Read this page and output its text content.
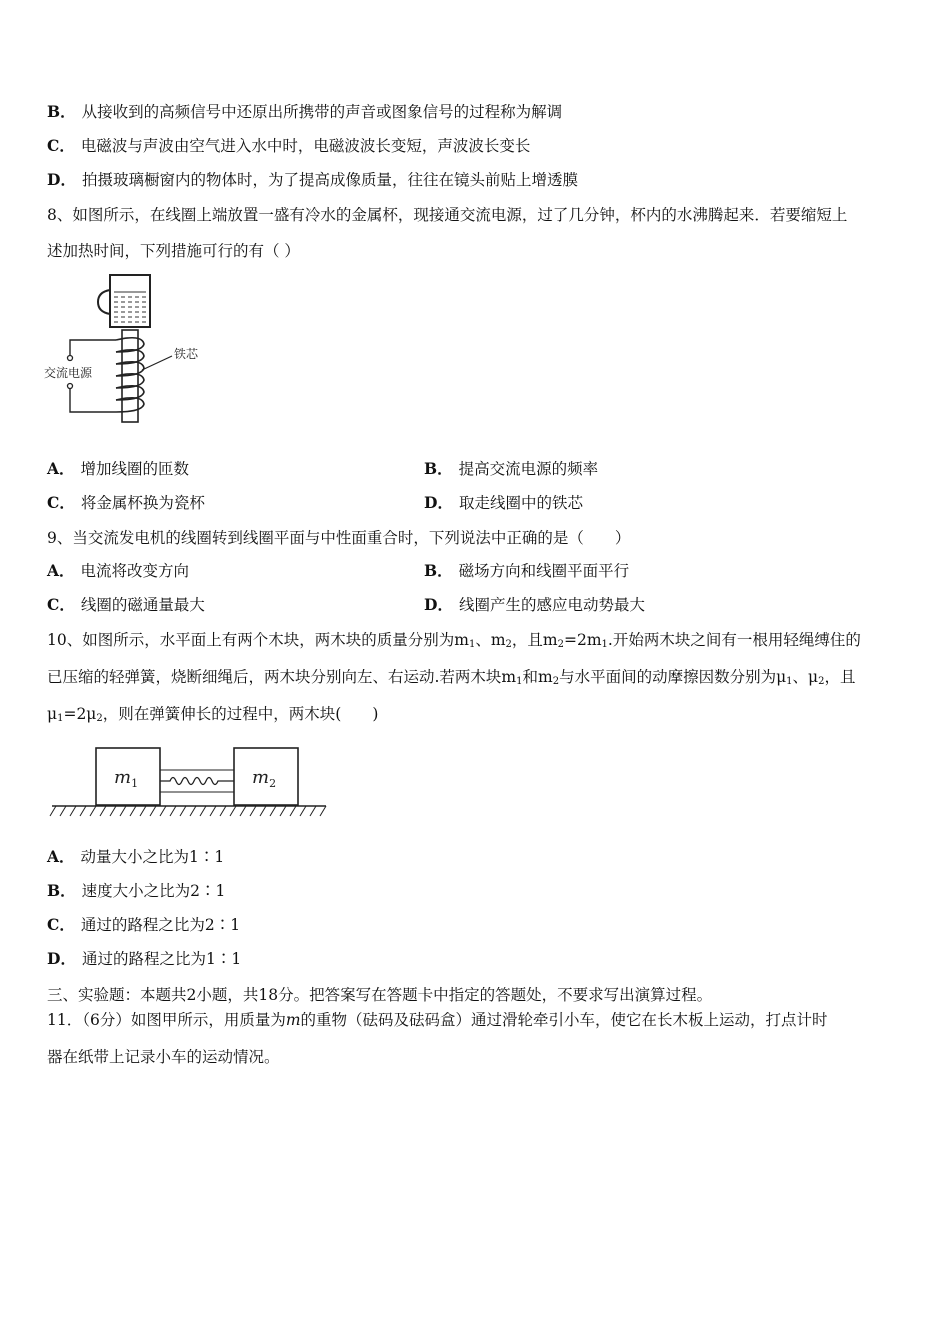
B． 从接收到的高频信号中还原出所携带的声音或图象信号的过程称为解调
C． 电磁波与声波由空气进入水中时，电磁波波长变短，声波波长变长
D． 拍摄玻璃橱窗内的物体时，为了提高成像质量，往往在镜头前贴上增透膜
8、如图所示，在线圈上端放置一盛有冷水的金属杯，现接通交流电源，过了几分钟，杯内的水沸腾起来．若要缩短上
述加热时间，下列措施可行的有（ ）
交流电源
铁芯
A． 增加线圈的匝数	B． 提高交流电源的频率
C． 将金属杯换为瓷杯	D． 取走线圈中的铁芯
9、当交流发电机的线圈转到线圈平面与中性面重合时，下列说法中正确的是（　　）
A． 电流将改变方向	B． 磁场方向和线圈平面平行
C． 线圈的磁通量最大	D． 线圈产生的感应电动势最大
10、如图所示，水平面上有两个木块，两木块的质量分别为$m_1$、$m_2$，且$m_2=2m_1$.开始两木块之间有一根用轻绳缚住的
已压缩的轻弹簧，烧断细绳后，两木块分别向左、右运动.若两木块$m_1$和$m_2$与水平面间的动摩擦因数分别为$\mu_1$、$\mu_2$，且
$\mu_1=2\mu_2$，则在弹簧伸长的过程中，两木块(　　)
$m_1$	$m_2$
A． 动量大小之比为1∶1
B． 速度大小之比为2∶1
C． 通过的路程之比为2∶1
D． 通过的路程之比为1∶1
三、实验题：本题共2小题，共18分。把答案写在答题卡中指定的答题处，不要求写出演算过程。
11．（6分）如图甲所示，用质量为m的重物（砝码及砝码盒）通过滑轮牵引小车，使它在长木板上运动，打点计时
器在纸带上记录小车的运动情况。
